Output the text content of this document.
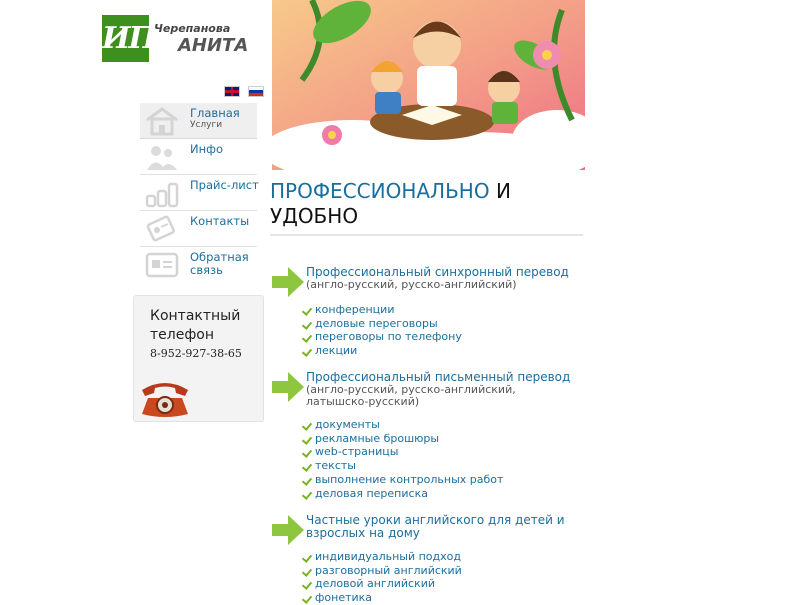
ИП Черепанова
АНИТА

Главная
Услуги
Инфо
Прайс-лист
Контакты
Обратная связь
Контактный телефон
8-952-927-38-65
ПРОФЕССИОНАЛЬНО И УДОБНО
Профессиональный синхронный перевод
(англо-русский, русско-английский)
конференции
деловые переговоры
переговоры по телефону
лекции
Профессиональный письменный перевод
(англо-русский, русско-английский, латышско-русский)
документы
рекламные брошюры
web-страницы
тексты
выполнение контрольных работ
деловая переписка
Частные уроки английского для детей и взрослых на дому
индивидуальный подход
разговорный английский
деловой английский
фонетика
